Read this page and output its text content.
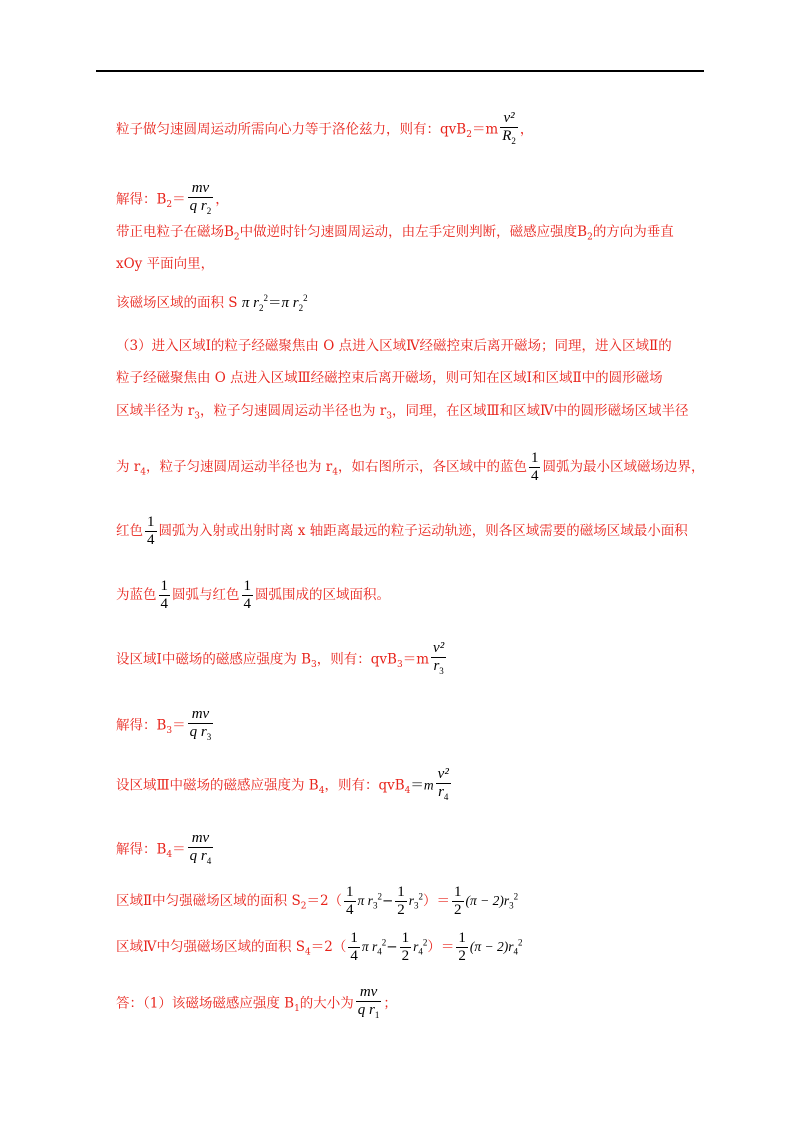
粒子做匀速圆周运动所需向心力等于洛伦兹力，则有：$qvB_2=m \frac{\text{v²}}{R_2}$ ，
解得：$B_2= \frac{mv}{q r_2}$ ，
带正电粒子在磁场$B_2$中做逆时针匀速圆周运动，由左手定则判断，磁感应强度$B_2$的方向为垂直
xOy 平面向里，
该磁场区域的面积 S π $r_2^2=\pi$ $r_2^2$
（3）进入区域Ⅰ的粒子经磁聚焦由 O 点进入区域Ⅳ经磁控束后离开磁场；同理，进入区域Ⅱ的
粒子经磁聚焦由 O 点进入区域Ⅲ经磁控束后离开磁场，则可知在区域Ⅰ和区域Ⅱ中的圆形磁场
区域半径为 $r_3$，粒子匀速圆周运动半径也为 $r_3$，同理，在区域Ⅲ和区域Ⅳ中的圆形磁场区域半径
为 $r_4$，粒子匀速圆周运动半径也为 $r_4$，如右图所示，各区域中的蓝色 $\frac{1}{4}$ 圆弧为最小区域磁场边界，
红色 $\frac{1}{4}$ 圆弧为入射或出射时离 x 轴距离最远的粒子运动轨迹，则各区域需要的磁场区域最小面积
为蓝色 $\frac{1}{4}$ 圆弧与红色 $\frac{1}{4}$ 圆弧围成的区域面积。
设区域Ⅰ中磁场的磁感应强度为 $B_3$，则有：$qvB_3=m \frac{\text{v²}}{r_3}$
解得：$B_3= \frac{mv}{q r_3}$
设区域Ⅲ中磁场的磁感应强度为 $B_4$，则有：$qvB_4=m \frac{\text{v²}}{r_4}$
解得：$B_4= \frac{mv}{q r_4}$
区域Ⅱ中匀强磁场区域的面积 $S_2=2( \frac{1}{4}$ π $r_3^2- \frac{1}{2} r_3^2)= \frac{1}{2} (\pi - 2)r_3^2$
区域Ⅳ中匀强磁场区域的面积 $S_4=2( \frac{1}{4}$ π $r_4^2- \frac{1}{2} r_4^2)= \frac{1}{2} (\pi - 2)r_4^2$
答：（1）该磁场磁感应强度 $B_1$的大小为 $\frac{mv}{q r_1}$ ；
